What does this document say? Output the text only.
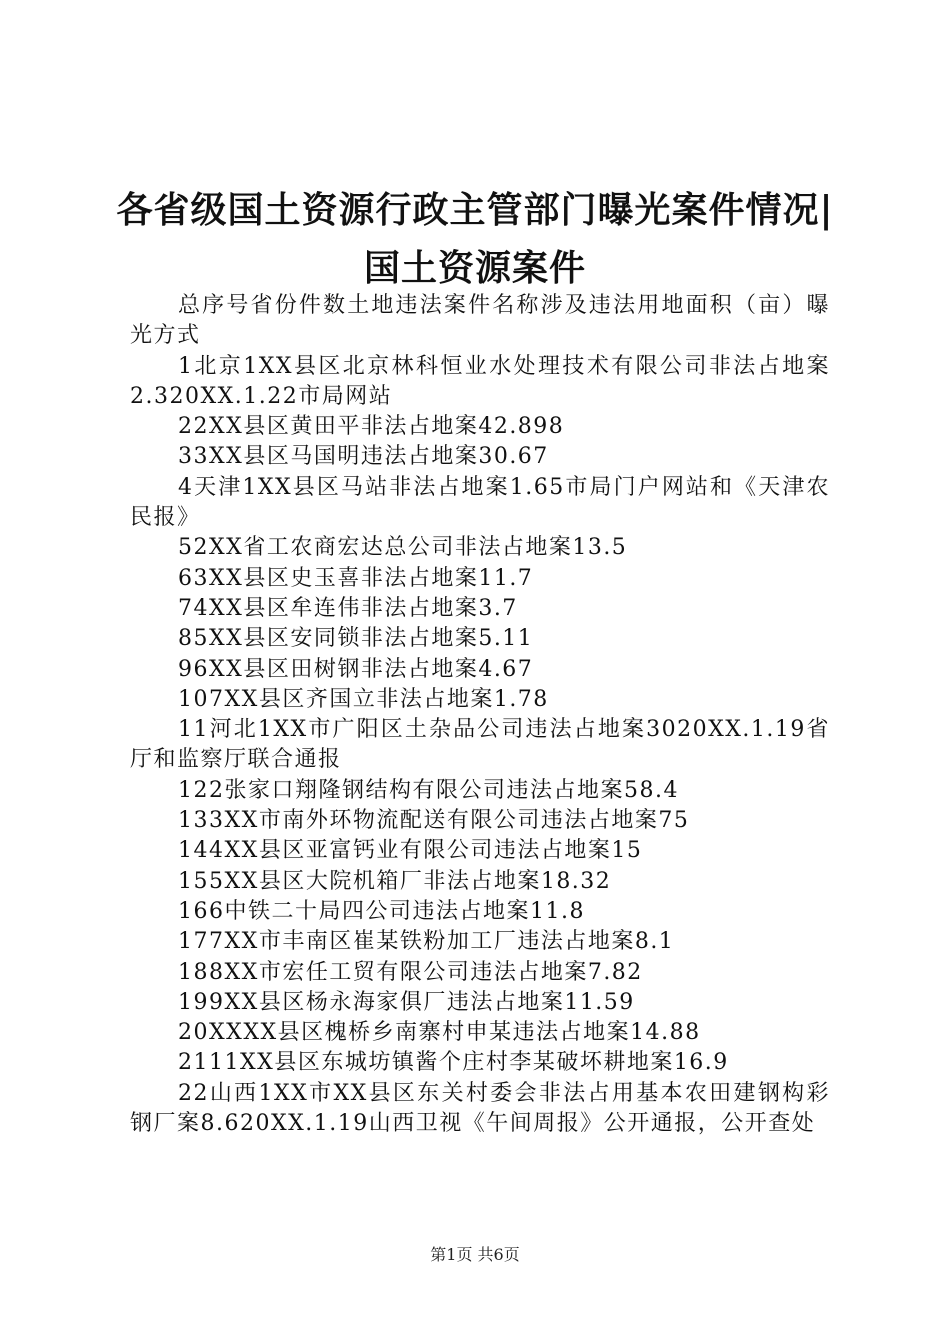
各省级国土资源行政主管部门曝光案件情况|
国土资源案件

总序号省份件数土地违法案件名称涉及违法用地面积（亩）曝光方式

1北京1XX县区北京林科恒业水处理技术有限公司非法占地案2.320XX.1.22市局网站

22XX县区黄田平非法占地案42.898

33XX县区马国明违法占地案30.67

4天津1XX县区马站非法占地案1.65市局门户网站和《天津农民报》

52XX省工农商宏达总公司非法占地案13.5

63XX县区史玉喜非法占地案11.7

74XX县区牟连伟非法占地案3.7

85XX县区安同锁非法占地案5.11

96XX县区田树钢非法占地案4.67

107XX县区齐国立非法占地案1.78

11河北1XX市广阳区土杂品公司违法占地案3020XX.1.19省厅和监察厅联合通报

122张家口翔隆钢结构有限公司违法占地案58.4

133XX市南外环物流配送有限公司违法占地案75

144XX县区亚富钙业有限公司违法占地案15

155XX县区大院机箱厂非法占地案18.32

166中铁二十局四公司违法占地案11.8

177XX市丰南区崔某铁粉加工厂违法占地案8.1

188XX市宏任工贸有限公司违法占地案7.82

199XX县区杨永海家俱厂违法占地案11.59

20XXXX县区槐桥乡南寨村申某违法占地案14.88

2111XX县区东城坊镇酱个庄村李某破坏耕地案16.9

22山西1XX市XX县区东关村委会非法占用基本农田建钢构彩钢厂案8.620XX.1.19山西卫视《午间周报》公开通报，公开查处

第1页 共6页
